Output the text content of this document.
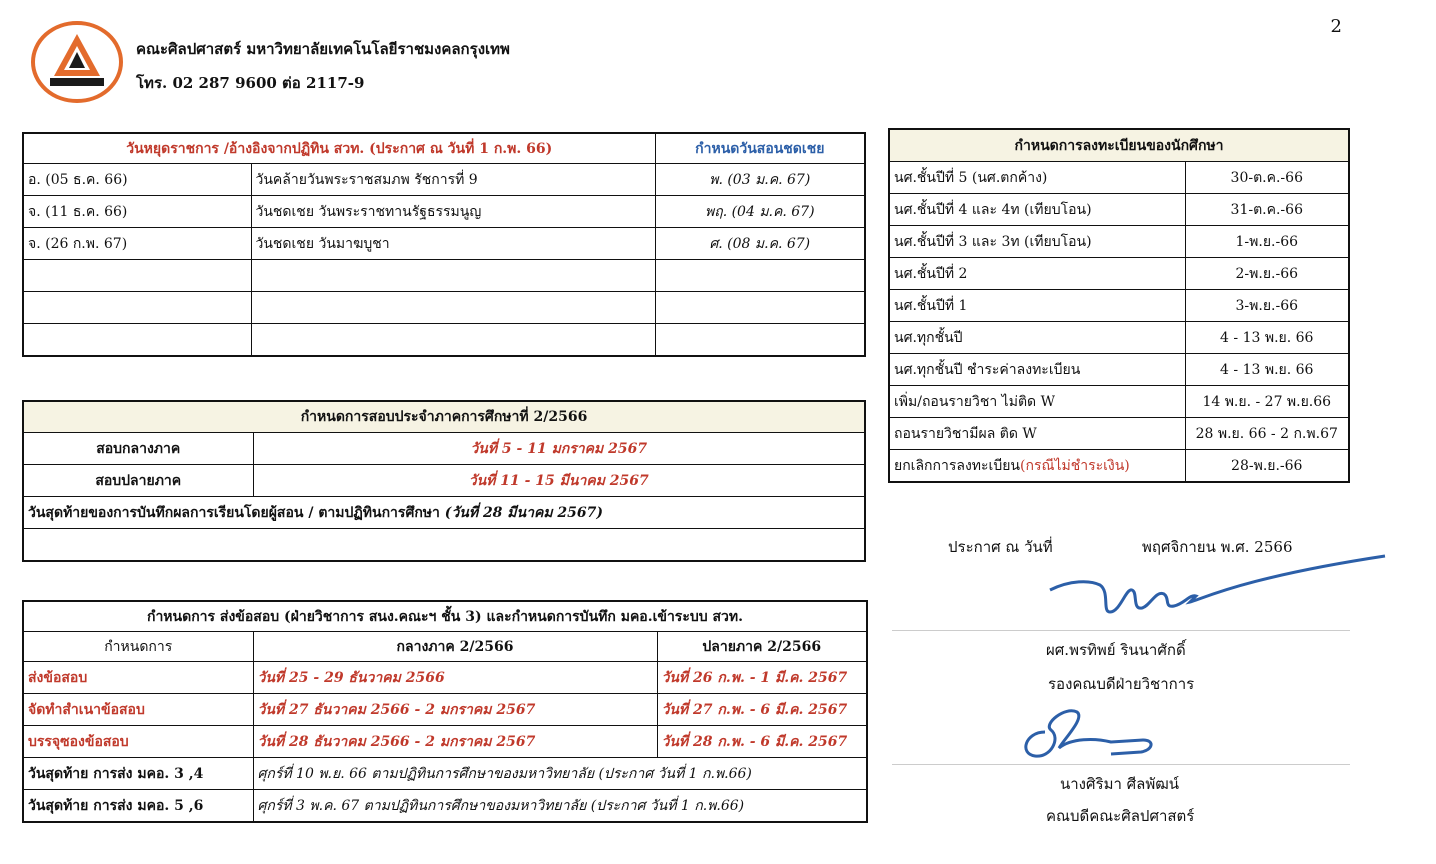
2
คณะศิลปศาสตร์ มหาวิทยาลัยเทคโนโลยีราชมงคลกรุงเทพ
โทร. 02 287 9600 ต่อ 2117-9
วันหยุดราชการ /อ้างอิงจากปฏิทิน สวท. (ประกาศ ณ วันที่ 1 ก.พ. 66)		กำหนดวันสอนชดเชย
อ. (05 ธ.ค. 66)	วันคล้ายวันพระราชสมภพ รัชการที่ 9	พ. (03 ม.ค. 67)
จ. (11 ธ.ค. 66)	วันชดเชย วันพระราชทานรัฐธรรมนูญ	พฤ. (04 ม.ค. 67)
จ. (26 ก.พ. 67)	วันชดเชย วันมาฆบูชา	ศ. (08 ม.ค. 67)

กำหนดการสอบประจำภาคการศึกษาที่ 2/2566	
สอบกลางภาค	วันที่ 5 - 11 มกราคม 2567
สอบปลายภาค	วันที่ 11 - 15 มีนาคม 2567
วันสุดท้ายของการบันทึกผลการเรียนโดยผู้สอน / ตามปฏิทินการศึกษา (วันที่ 28 มีนาคม 2567)	

กำหนดการ ส่งข้อสอบ (ฝ่ายวิชาการ สนง.คณะฯ ชั้น 3) และกำหนดการบันทึก มคอ.เข้าระบบ สวท.		
กำหนดการ	กลางภาค 2/2566	ปลายภาค 2/2566
ส่งข้อสอบ	วันที่ 25 - 29 ธันวาคม 2566	วันที่ 26 ก.พ. - 1 มี.ค. 2567
จัดทำสำเนาข้อสอบ	วันที่ 27 ธันวาคม 2566 - 2 มกราคม 2567	วันที่ 27 ก.พ. - 6 มี.ค. 2567
บรรจุซองข้อสอบ	วันที่ 28 ธันวาคม 2566 - 2 มกราคม 2567	วันที่ 28 ก.พ. - 6 มี.ค. 2567
วันสุดท้าย การส่ง มคอ. 3 ,4	ศุกร์ที่ 10 พ.ย. 66 ตามปฏิทินการศึกษาของมหาวิทยาลัย (ประกาศ วันที่ 1 ก.พ.66)	
วันสุดท้าย การส่ง มคอ. 5 ,6	ศุกร์ที่ 3 พ.ค. 67 ตามปฏิทินการศึกษาของมหาวิทยาลัย (ประกาศ วันที่ 1 ก.พ.66)	
กำหนดการลงทะเบียนของนักศึกษา	
นศ.ชั้นปีที่ 5 (นศ.ตกค้าง)	30-ต.ค.-66
นศ.ชั้นปีที่ 4 และ 4ท (เทียบโอน)	31-ต.ค.-66
นศ.ชั้นปีที่ 3 และ 3ท (เทียบโอน)	1-พ.ย.-66
นศ.ชั้นปีที่ 2	2-พ.ย.-66
นศ.ชั้นปีที่ 1	3-พ.ย.-66
นศ.ทุกชั้นปี	4 - 13 พ.ย. 66
นศ.ทุกชั้นปี ชำระค่าลงทะเบียน	4 - 13 พ.ย. 66
เพิ่ม/ถอนรายวิชา ไม่ติด W	14 พ.ย. - 27 พ.ย.66
ถอนรายวิชามีผล ติด W	28 พ.ย. 66 - 2 ก.พ.67
ยกเลิกการลงทะเบียน(กรณีไม่ชำระเงิน)	28-พ.ย.-66
ประกาศ ณ วันที่	พฤศจิกายน พ.ศ. 2566
ผศ.พรทิพย์ รินนาศักดิ์
รองคณบดีฝ่ายวิชาการ
นางศิริมา ศีลพัฒน์
คณบดีคณะศิลปศาสตร์
